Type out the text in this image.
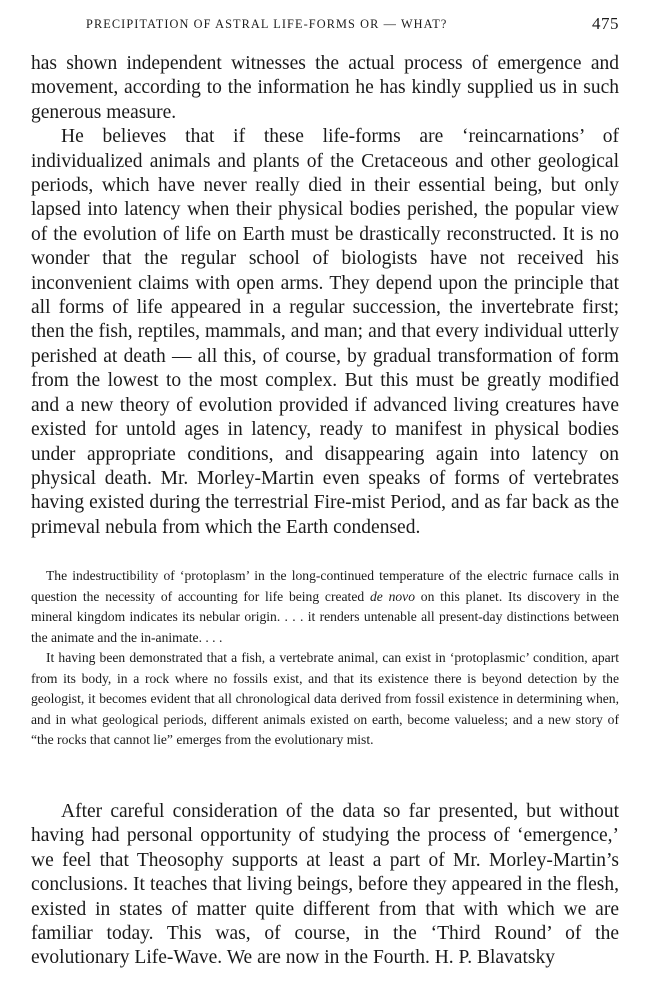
PRECIPITATION OF ASTRAL LIFE-FORMS OR — WHAT?	475

has shown independent witnesses the actual process of emergence and movement, according to the information he has kindly supplied us in such generous measure.

He believes that if these life-forms are ‘reincarnations’ of individualized animals and plants of the Cretaceous and other geological periods, which have never really died in their essential being, but only lapsed into latency when their physical bodies perished, the popular view of the evolution of life on Earth must be drastically reconstructed. It is no wonder that the regular school of biologists have not received his inconvenient claims with open arms. They depend upon the principle that all forms of life appeared in a regular succession, the invertebrate first; then the fish, reptiles, mammals, and man; and that every individual utterly perished at death — all this, of course, by gradual transformation of form from the lowest to the most complex. But this must be greatly modified and a new theory of evolution provided if advanced living creatures have existed for untold ages in latency, ready to manifest in physical bodies under appropriate conditions, and disappearing again into latency on physical death. Mr. Morley-Martin even speaks of forms of vertebrates having existed during the terrestrial Fire-mist Period, and as far back as the primeval nebula from which the Earth condensed.

The indestructibility of ‘protoplasm’ in the long-continued temperature of the electric furnace calls in question the necessity of accounting for life being created de novo on this planet. Its discovery in the mineral kingdom indicates its nebular origin. . . . it renders untenable all present-day distinctions between the animate and the in-animate. . . .

It having been demonstrated that a fish, a vertebrate animal, can exist in ‘protoplasmic’ condition, apart from its body, in a rock where no fossils exist, and that its existence there is beyond detection by the geologist, it becomes evident that all chronological data derived from fossil existence in determining when, and in what geological periods, different animals existed on earth, become valueless; and a new story of “the rocks that cannot lie” emerges from the evolutionary mist.

After careful consideration of the data so far presented, but without having had personal opportunity of studying the process of ‘emergence,’ we feel that Theosophy supports at least a part of Mr. Morley-Martin’s conclusions. It teaches that living beings, before they appeared in the flesh, existed in states of matter quite different from that with which we are familiar today. This was, of course, in the ‘Third Round’ of the evolutionary Life-Wave. We are now in the Fourth. H. P. Blavatsky
